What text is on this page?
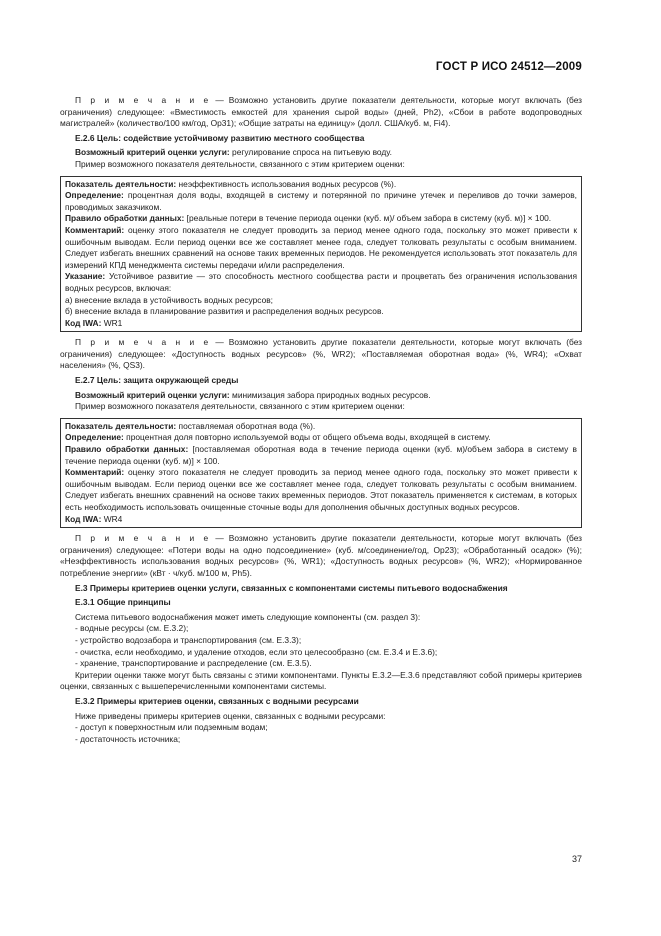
ГОСТ Р ИСО 24512—2009

П р и м е ч а н и е — Возможно установить другие показатели деятельности, которые могут включать (без ограничения) следующее: «Вместимость емкостей для хранения сырой воды» (дней, Ph2), «Сбои в работе водопроводных магистралей» (количество/100 км/год, Op31); «Общие затраты на единицу» (долл. США/куб. м, Fi4).

Е.2.6 Цель: содействие устойчивому развитию местного сообщества

Возможный критерий оценки услуги: регулирование спроса на питьевую воду.

Пример возможного показателя деятельности, связанного с этим критерием оценки:

Показатель деятельности: неэффективность использования водных ресурсов (%).

Определение: процентная доля воды, входящей в систему и потерянной по причине утечек и переливов до точки замеров, проводимых заказчиком.

Правило обработки данных: [реальные потери в течение периода оценки (куб. м)/ объем забора в систему (куб. м)] × 100.

Комментарий: оценку этого показателя не следует проводить за период менее одного года, поскольку это может привести к ошибочным выводам. Если период оценки все же составляет менее года, следует толковать результаты с особым вниманием. Следует избегать внешних сравнений на основе таких временных периодов. Не рекомендуется использовать этот показатель для измерений КПД менеджмента системы передачи и/или распределения.

Указание: Устойчивое развитие — это способность местного сообщества расти и процветать без ограничения использования водных ресурсов, включая:

а) внесение вклада в устойчивость водных ресурсов;

б) внесение вклада в планирование развития и распределения водных ресурсов.

Код IWA: WR1

П р и м е ч а н и е — Возможно установить другие показатели деятельности, которые могут включать (без ограничения) следующее: «Доступность водных ресурсов» (%, WR2); «Поставляемая оборотная вода» (%, WR4); «Охват населения» (%, QS3).

Е.2.7 Цель: защита окружающей среды

Возможный критерий оценки услуги: минимизация забора природных водных ресурсов.

Пример возможного показателя деятельности, связанного с этим критерием оценки:

Показатель деятельности: поставляемая оборотная вода (%).

Определение: процентная доля повторно используемой воды от общего объема воды, входящей в систему.

Правило обработки данных: [поставляемая оборотная вода в течение периода оценки (куб. м)/объем забора в систему в течение периода оценки (куб. м)] × 100.

Комментарий: оценку этого показателя не следует проводить за период менее одного года, поскольку это может привести к ошибочным выводам. Если период оценки все же составляет менее года, следует толковать результаты с особым вниманием. Следует избегать внешних сравнений на основе таких временных периодов. Этот показатель применяется к системам, в которых есть необходимость использовать очищенные сточные воды для дополнения обычных доступных водных ресурсов.

Код IWA: WR4

П р и м е ч а н и е — Возможно установить другие показатели деятельности, которые могут включать (без ограничения) следующее: «Потери воды на одно подсоединение» (куб. м/соединение/год, Op23); «Обработанный осадок» (%); «Неэффективность использования водных ресурсов» (%, WR1); «Доступность водных ресурсов» (%, WR2); «Нормированное потребление энергии» (кВт · ч/куб. м/100 м, Ph5).

Е.3 Примеры критериев оценки услуги, связанных с компонентами системы питьевого водоснабжения

Е.3.1 Общие принципы

Система питьевого водоснабжения может иметь следующие компоненты (см. раздел 3):

- водные ресурсы (см. Е.3.2);

- устройство водозабора и транспортирования (см. Е.3.3);

- очистка, если необходимо, и удаление отходов, если это целесообразно (см. Е.3.4 и Е.3.6);

- хранение, транспортирование и распределение (см. Е.3.5).

Критерии оценки также могут быть связаны с этими компонентами. Пункты Е.3.2—Е.3.6 представляют собой примеры критериев оценки, связанных с вышеперечисленными компонентами системы.

Е.3.2 Примеры критериев оценки, связанных с водными ресурсами

Ниже приведены примеры критериев оценки, связанных с водными ресурсами:

- доступ к поверхностным или подземным водам;

- достаточность источника;

37
